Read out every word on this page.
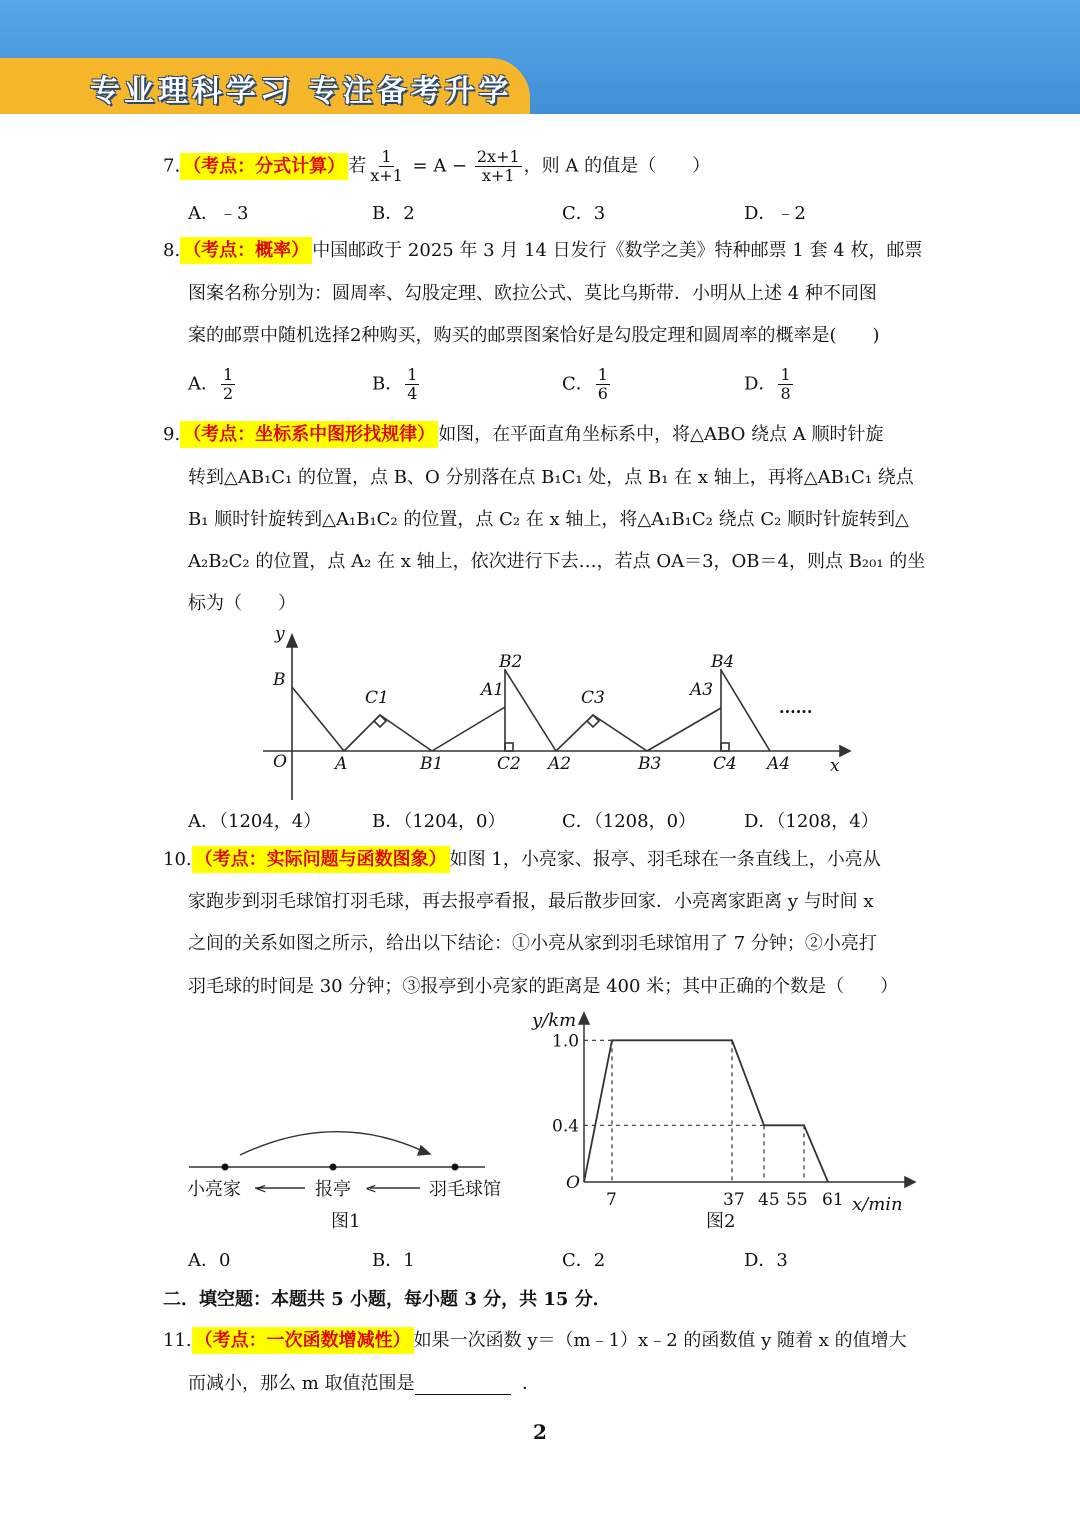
专业理科学习 专注备考升学
7. （考点：分式计算） 若 $\frac{1}{x+1} = A - \frac{2x+1}{x+1}$ ，则 A 的值是（　　）
A．﹣3	B．2	C．3	D．﹣2
8. （考点：概率） 中国邮政于 2025 年 3 月 14 日发行《数学之美》特种邮票 1 套 4 枚，邮票
图案名称分别为：圆周率、勾股定理、欧拉公式、莫比乌斯带．小明从上述 4 种不同图
案的邮票中随机选择2种购买，购买的邮票图案恰好是勾股定理和圆周率的概率是(　　)
A． $\frac{1}{2}$	B． $\frac{1}{4}$	C． $\frac{1}{6}$	D． $\frac{1}{8}$
9. （考点：坐标系中图形找规律） 如图，在平面直角坐标系中，将△ABO 绕点 A 顺时针旋
转到△AB₁C₁ 的位置，点 B、O 分别落在点 B₁C₁ 处，点 B₁ 在 x 轴上，再将△AB₁C₁ 绕点
B₁ 顺时针旋转到△A₁B₁C₂ 的位置，点 C₂ 在 x 轴上，将△A₁B₁C₂ 绕点 C₂ 顺时针旋转到△
A₂B₂C₂ 的位置，点 A₂ 在 x 轴上，依次进行下去…，若点 OA＝3，OB＝4，则点 B₂₀₁ 的坐
标为（　　）
y
x
O
B
A
C1
B1
A1
B2
C2 A2
C3
B3
A3
B4
C4 A4
......
A．（1204，4）	B．（1204，0）	C．（1208，0）	D．（1208，4）
10. （考点：实际问题与函数图象） 如图 1，小亮家、报亭、羽毛球在一条直线上，小亮从
家跑步到羽毛球馆打羽毛球，再去报亭看报，最后散步回家．小亮离家距离 y 与时间 x
之间的关系如图之所示，给出以下结论：①小亮从家到羽毛球馆用了 7 分钟；②小亮打
羽毛球的时间是 30 分钟；③报亭到小亮家的距离是 400 米；其中正确的个数是（　　）
<	<
小亮家	报亭	羽毛球馆
图1
0.4
1.0
7	37 45 55 61
y/km
x/min
O
图2
A．0	B．1	C．2	D．3
二．填空题：本题共 5 小题，每小题 3 分，共 15 分．
11. （考点：一次函数增减性） 如果一次函数 y＝（m﹣1）x﹣2 的函数值 y 随着 x 的值增大
而减小，那么 m 取值范围是	．
2
